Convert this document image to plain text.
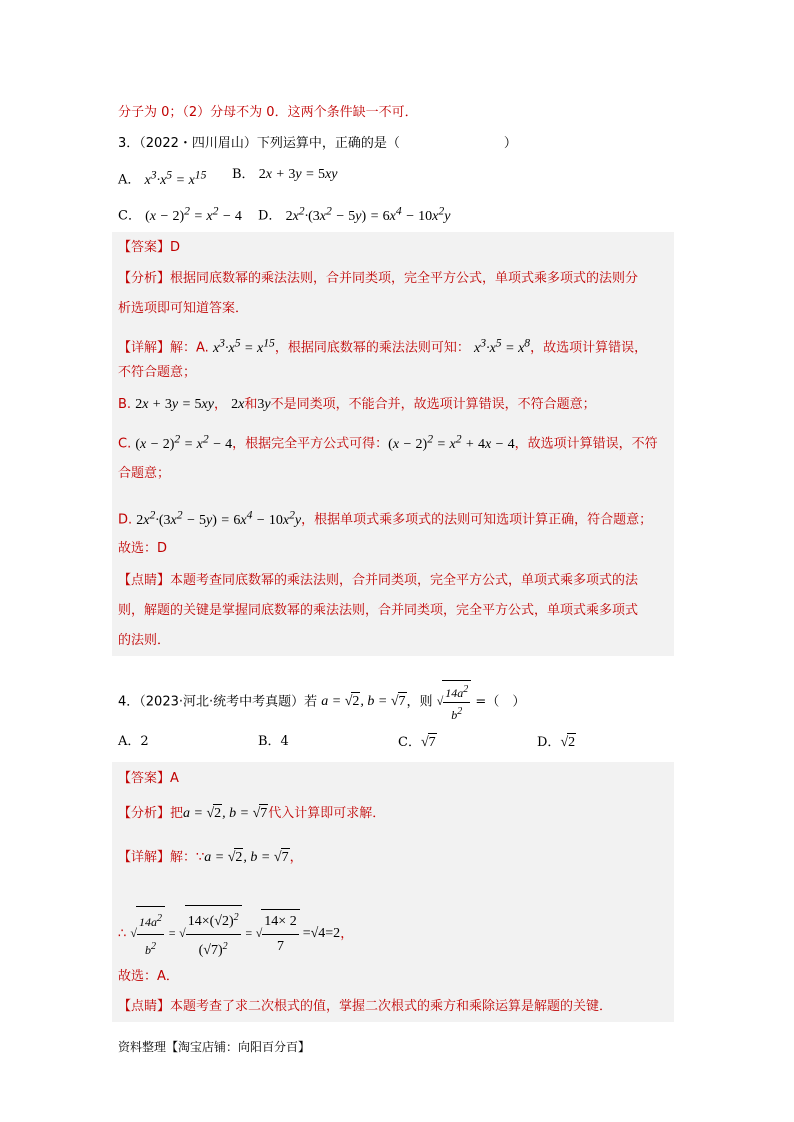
分子为 0；（2）分母不为 0．这两个条件缺一不可．
3．（2022・四川眉山）下列运算中，正确的是（	）
A． $x^3\cdot x^5 = x^{15}$ B． 2x + 3y = 5xy
C． $(x - 2)^2 = x^2 - 4$ D． $2x^2\cdot(3x^2 - 5y) = 6x^4 - 10x^2y$
【答案】D
【分析】根据同底数幂的乘法法则，合并同类项，完全平方公式，单项式乘多项式的法则分
析选项即可知道答案．
【详解】解：A. $x^3\cdot x^5 = x^{15}$，根据同底数幂的乘法法则可知： $x^3\cdot x^5 = x^8$，故选项计算错误，
不符合题意；
B. 2x + 3y = 5xy， 2x和3y不是同类项，不能合并，故选项计算错误，不符合题意；
C. $(x - 2)^2 = x^2 - 4$，根据完全平方公式可得：$(x - 2)^2 = x^2 + 4x - 4$，故选项计算错误，不符
合题意；
D. $2x^2\cdot(3x^2 - 5y) = 6x^4 - 10x^2y$，根据单项式乘多项式的法则可知选项计算正确，符合题意；
故选：D
【点睛】本题考查同底数幂的乘法法则，合并同类项，完全平方公式，单项式乘多项式的法
则，解题的关键是掌握同底数幂的乘法法则，合并同类项，完全平方公式，单项式乘多项式
的法则．
4．（2023·河北·统考中考真题）若 a = √2, b = √7，则 √ $\frac{14a^2}{b^2}$ =（　）
A．2	B．4	C．√7	D．√2
【答案】A
【分析】把a = √2, b = √7代入计算即可求解．
【详解】解：∵a = √2, b = √7，
∴ √ $\frac{14a^2}{b^2}$ = √ $\frac{14\times(√2)^2}{(√7)^2}$ = √ $\frac{14\times 2}{7} =√4=2$，
故选：A．
【点睛】本题考查了求二次根式的值，掌握二次根式的乘方和乘除运算是解题的关键．
资料整理【淘宝店铺：向阳百分百】
